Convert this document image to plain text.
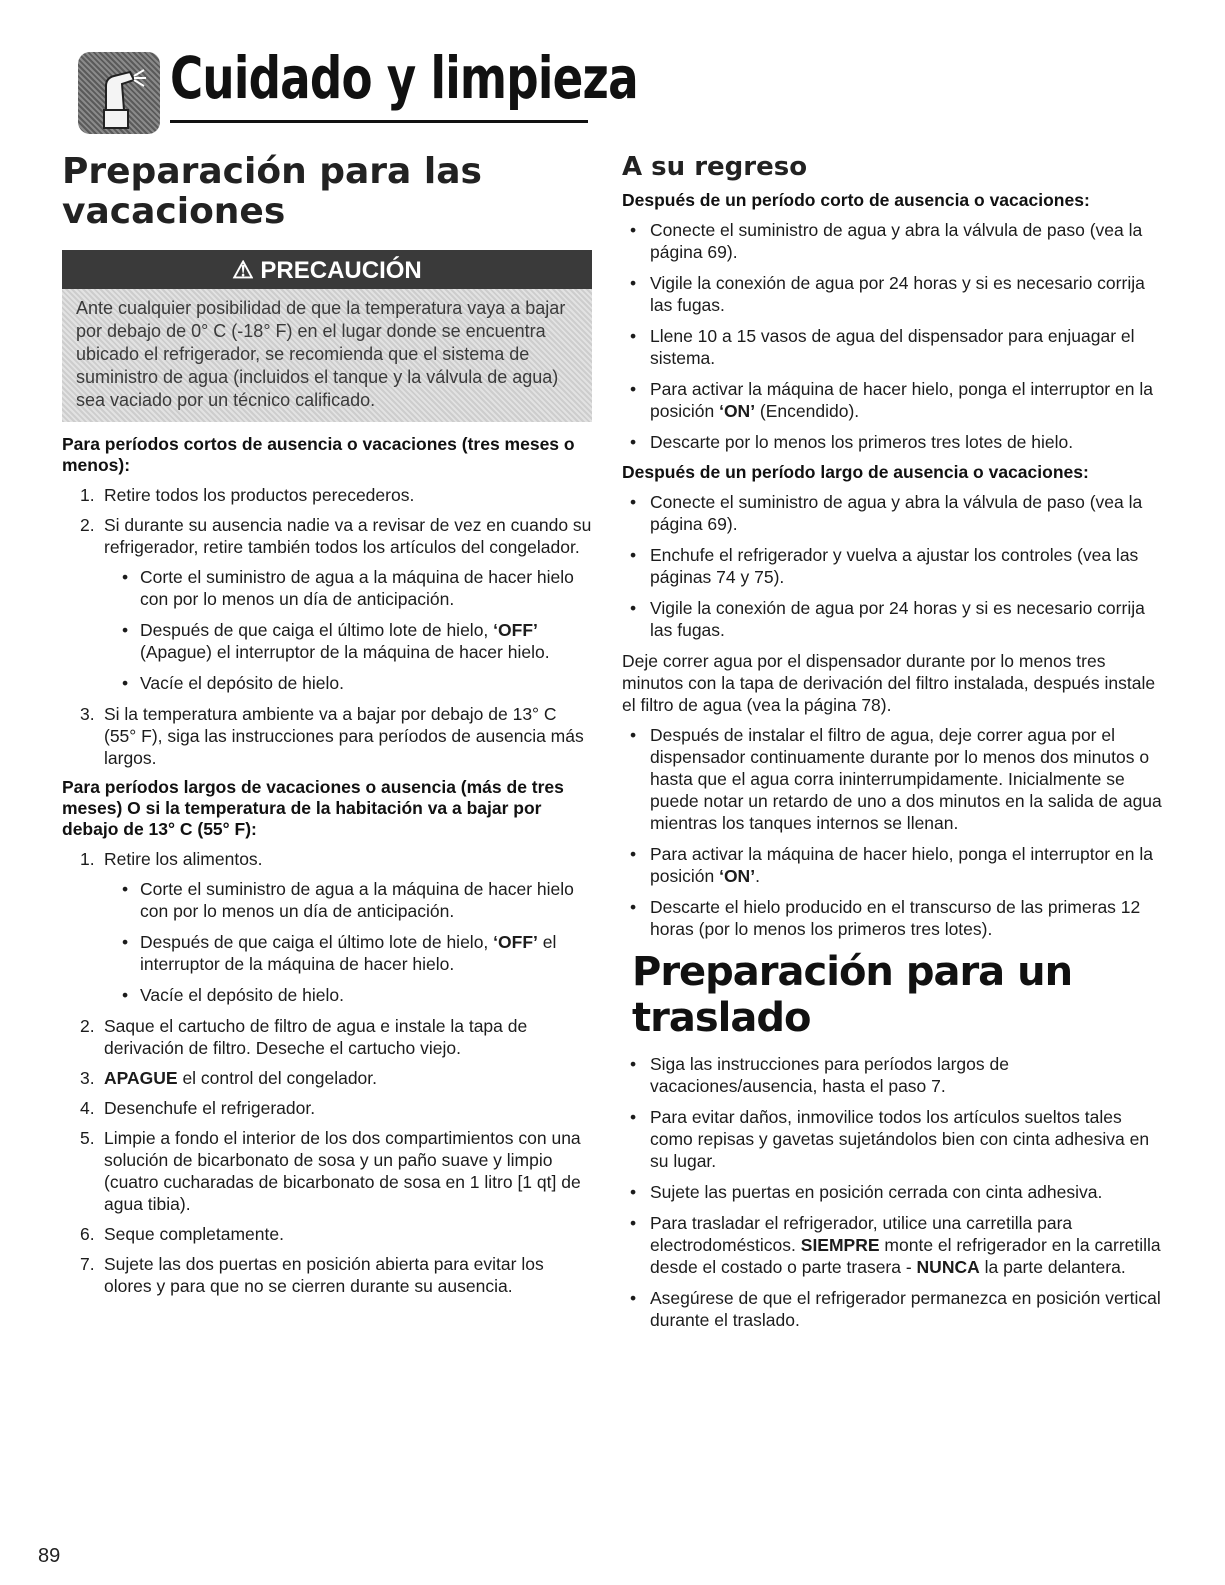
Cuidado y limpieza
Preparación para las vacaciones
⚠ PRECAUCIÓN
Ante cualquier posibilidad de que la temperatura vaya a bajar por debajo de 0° C (-18° F) en el lugar donde se encuentra ubicado el refrigerador, se recomienda que el sistema de suministro de agua (incluidos el tanque y la válvula de agua) sea vaciado por un técnico calificado.
Para períodos cortos de ausencia o vacaciones (tres meses o menos):
1. Retire todos los productos perecederos.
2. Si durante su ausencia nadie va a revisar de vez en cuando su refrigerador, retire también todos los artículos del congelador.
• Corte el suministro de agua a la máquina de hacer hielo con por lo menos un día de anticipación.
• Después de que caiga el último lote de hielo, ‘OFF’ (Apague) el interruptor de la máquina de hacer hielo.
• Vacíe el depósito de hielo.
3. Si la temperatura ambiente va a bajar por debajo de 13° C (55° F), siga las instrucciones para períodos de ausencia más largos.
Para períodos largos de vacaciones o ausencia (más de tres meses) O si la temperatura de la habitación va a bajar por debajo de 13° C (55° F):
1. Retire los alimentos.
• Corte el suministro de agua a la máquina de hacer hielo con por lo menos un día de anticipación.
• Después de que caiga el último lote de hielo, ‘OFF’ el interruptor de la máquina de hacer hielo.
• Vacíe el depósito de hielo.
2. Saque el cartucho de filtro de agua e instale la tapa de derivación de filtro. Deseche el cartucho viejo.
3. APAGUE el control del congelador.
4. Desenchufe el refrigerador.
5. Limpie a fondo el interior de los dos compartimientos con una solución de bicarbonato de sosa y un paño suave y limpio (cuatro cucharadas de bicarbonato de sosa en 1 litro [1 qt] de agua tibia).
6. Seque completamente.
7. Sujete las dos puertas en posición abierta para evitar los olores y para que no se cierren durante su ausencia.
A su regreso
Después de un período corto de ausencia o vacaciones:
• Conecte el suministro de agua y abra la válvula de paso (vea la página 69).
• Vigile la conexión de agua por 24 horas y si es necesario corrija las fugas.
• Llene 10 a 15 vasos de agua del dispensador para enjuagar el sistema.
• Para activar la máquina de hacer hielo, ponga el interruptor en la posición ‘ON’ (Encendido).
• Descarte por lo menos los primeros tres lotes de hielo.
Después de un período largo de ausencia o vacaciones:
• Conecte el suministro de agua y abra la válvula de paso (vea la página 69).
• Enchufe el refrigerador y vuelva a ajustar los controles (vea las páginas 74 y 75).
• Vigile la conexión de agua por 24 horas y si es necesario corrija las fugas.
Deje correr agua por el dispensador durante por lo menos tres minutos con la tapa de derivación del filtro instalada, después instale el filtro de agua (vea la página 78).
• Después de instalar el filtro de agua, deje correr agua por el dispensador continuamente durante por lo menos dos minutos o hasta que el agua corra ininterrumpidamente. Inicialmente se puede notar un retardo de uno a dos minutos en la salida de agua mientras los tanques internos se llenan.
• Para activar la máquina de hacer hielo, ponga el interruptor en la posición ‘ON’.
• Descarte el hielo producido en el transcurso de las primeras 12 horas (por lo menos los primeros tres lotes).
Preparación para un traslado
• Siga las instrucciones para períodos largos de vacaciones/ausencia, hasta el paso 7.
• Para evitar daños, inmovilice todos los artículos sueltos tales como repisas y gavetas sujetándolos bien con cinta adhesiva en su lugar.
• Sujete las puertas en posición cerrada con cinta adhesiva.
• Para trasladar el refrigerador, utilice una carretilla para electrodomésticos. SIEMPRE monte el refrigerador en la carretilla desde el costado o parte trasera - NUNCA la parte delantera.
• Asegúrese de que el refrigerador permanezca en posición vertical durante el traslado.
89
